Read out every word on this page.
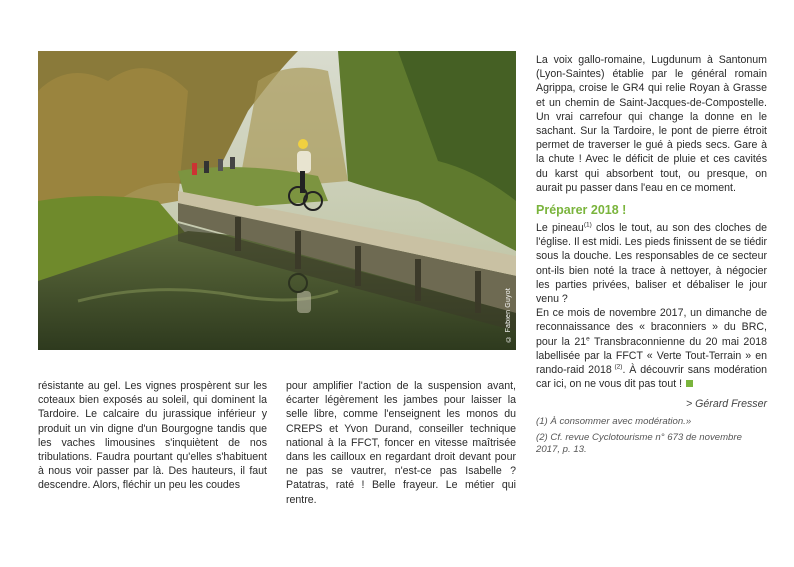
© Fabien Guyot

résistante au gel. Les vignes prospèrent sur les coteaux bien exposés au soleil, qui dominent la Tardoire. Le calcaire du jurassique inférieur y produit un vin digne d'un Bourgogne tandis que les vaches limousines s'inquiètent de nos tribulations. Faudra pourtant qu'elles s'habituent à nous voir passer par là. Des hauteurs, il faut descendre. Alors, fléchir un peu les coudes

pour amplifier l'action de la suspension avant, écarter légèrement les jambes pour laisser la selle libre, comme l'enseignent les monos du CREPS et Yvon Durand, conseiller technique national à la FFCT, foncer en vitesse maîtrisée dans les cailloux en regardant droit devant pour ne pas se vautrer, n'est-ce pas Isabelle ? Patatras, raté ! Belle frayeur. Le métier qui rentre.

La voix gallo-romaine, Lugdunum à Santonum (Lyon-Saintes) établie par le général romain Agrippa, croise le GR4 qui relie Royan à Grasse et un chemin de Saint-Jacques-de-Compostelle. Un vrai carrefour qui change la donne en le sachant. Sur la Tardoire, le pont de pierre étroit permet de traverser le gué à pieds secs. Gare à la chute ! Avec le déficit de pluie et ces cavités du karst qui absorbent tout, ou presque, on aurait pu passer dans l'eau en ce moment.

Préparer 2018 !

Le pineau$^{(1)}$ clos le tout, au son des cloches de l'église. Il est midi. Les pieds finissent de se tiédir sous la douche. Les responsables de ce secteur ont-ils bien noté la trace à nettoyer, à négocier les parties privées, baliser et débaliser le jour venu ?

En ce mois de novembre 2017, un dimanche de reconnaissance des « braconniers » du BRC, pour la 21e Transbraconnienne du 20 mai 2018 labellisée par la FFCT « Verte Tout-Terrain » en rando-raid 2018 $^{(2)}$. À découvrir sans modération car ici, on ne vous dit pas tout !

> Gérard Fresser
(1) À consommer avec modération.»
(2) Cf. revue Cyclotourisme n° 673 de novembre 2017, p. 13.
